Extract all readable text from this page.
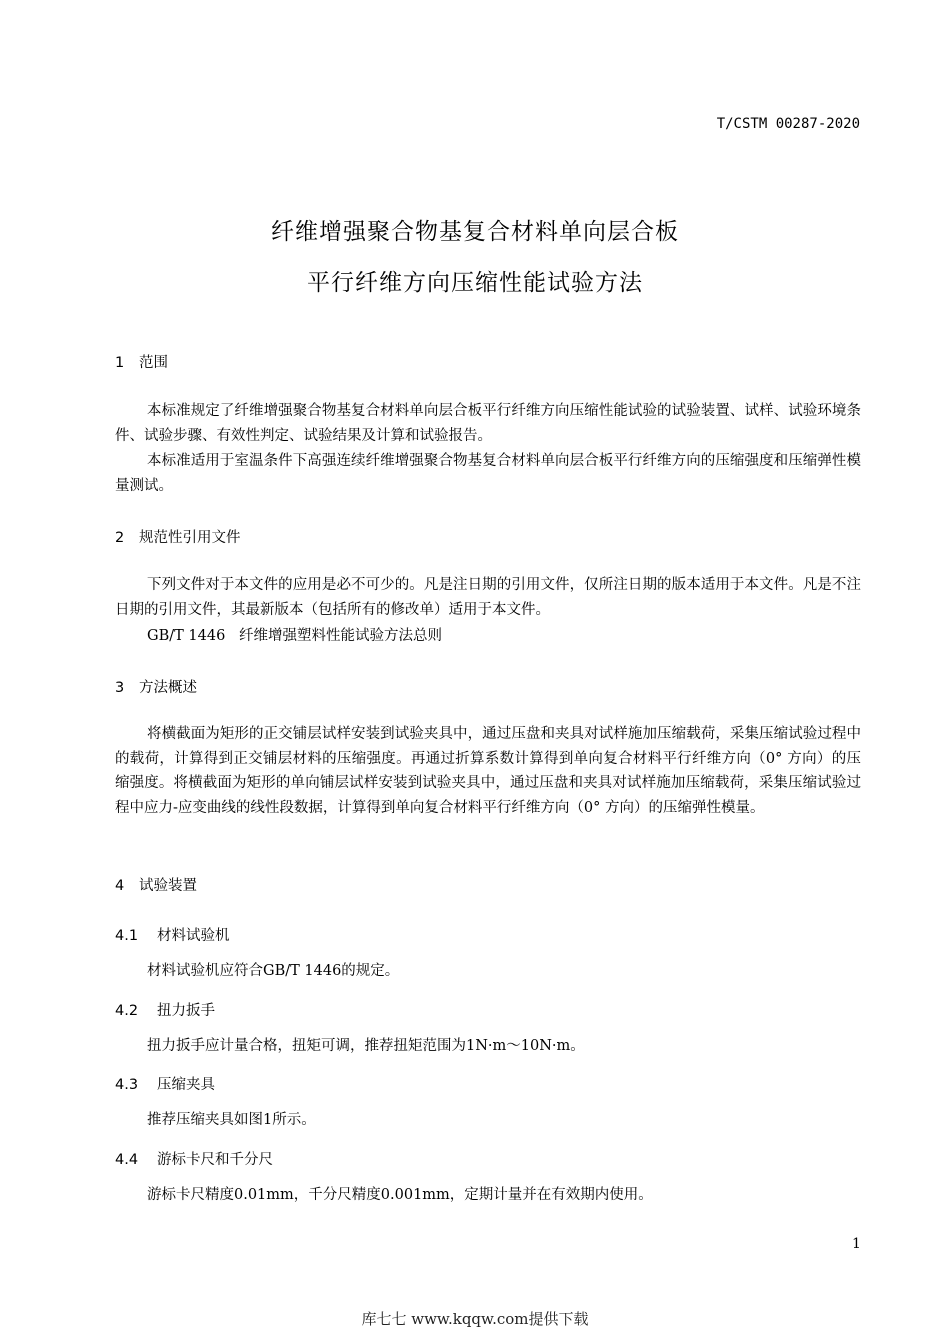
T/CSTM 00287-2020
纤维增强聚合物基复合材料单向层合板
平行纤维方向压缩性能试验方法
1 范围

本标准规定了纤维增强聚合物基复合材料单向层合板平行纤维方向压缩性能试验的试验装置、试样、试验环境条件、试验步骤、有效性判定、试验结果及计算和试验报告。

本标准适用于室温条件下高强连续纤维增强聚合物基复合材料单向层合板平行纤维方向的压缩强度和压缩弹性模量测试。

2 规范性引用文件

下列文件对于本文件的应用是必不可少的。凡是注日期的引用文件，仅所注日期的版本适用于本文件。凡是不注日期的引用文件，其最新版本（包括所有的修改单）适用于本文件。

GB/T 1446 纤维增强塑料性能试验方法总则
3 方法概述

将横截面为矩形的正交铺层试样安装到试验夹具中，通过压盘和夹具对试样施加压缩载荷，采集压缩试验过程中的载荷，计算得到正交铺层材料的压缩强度。再通过折算系数计算得到单向复合材料平行纤维方向（0° 方向）的压缩强度。将横截面为矩形的单向铺层试样安装到试验夹具中，通过压盘和夹具对试样施加压缩载荷，采集压缩试验过程中应力-应变曲线的线性段数据，计算得到单向复合材料平行纤维方向（0° 方向）的压缩弹性模量。

4 试验装置
4.1 材料试验机

材料试验机应符合GB/T 1446的规定。

4.2 扭力扳手

扭力扳手应计量合格，扭矩可调，推荐扭矩范围为1N·m～10N·m。

4.3 压缩夹具

推荐压缩夹具如图1所示。

4.4 游标卡尺和千分尺

游标卡尺精度0.01mm，千分尺精度0.001mm，定期计量并在有效期内使用。

1
库七七 www.kqqw.com提供下载
